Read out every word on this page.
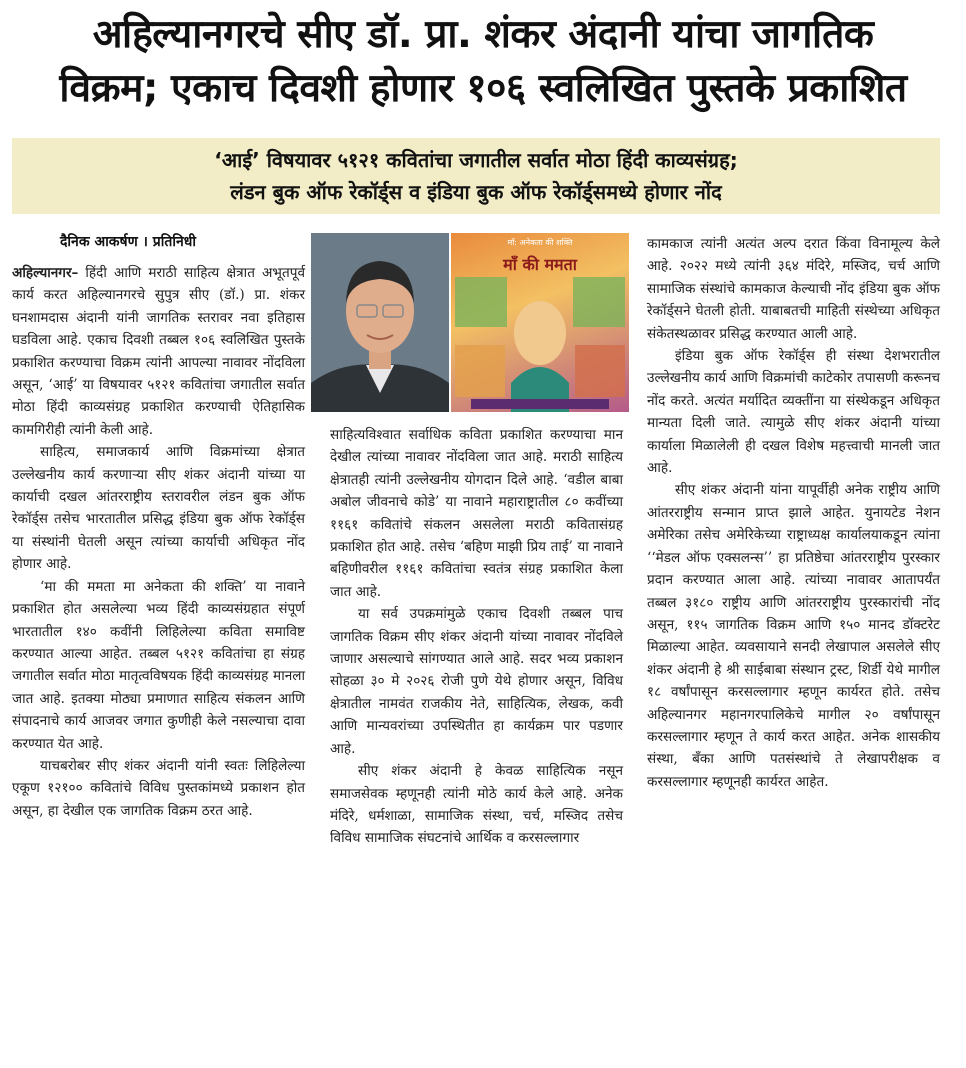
अहिल्यानगरचे सीए डॉ. प्रा. शंकर अंदानी यांचा जागतिक
विक्रम; एकाच दिवशी होणार १०६ स्वलिखित पुस्तके प्रकाशित
‘आई’ विषयावर ५१२१ कवितांचा जगातील सर्वात मोठा हिंदी काव्यसंग्रह;
लंडन बुक ऑफ रेकॉर्ड्स व इंडिया बुक ऑफ रेकॉर्ड्समध्ये होणार नोंद
दैनिक आकर्षण । प्रतिनिधी

अहिल्यानगर– हिंदी आणि मराठी साहित्य क्षेत्रात अभूतपूर्व कार्य करत अहिल्यानगरचे सुपुत्र सीए (डॉ.) प्रा. शंकर घनशामदास अंदानी यांनी जागतिक स्तरावर नवा इतिहास घडविला आहे. एकाच दिवशी तब्बल १०६ स्वलिखित पुस्तके प्रकाशित करण्याचा विक्रम त्यांनी आपल्या नावावर नोंदविला असून, ‘आई’ या विषयावर ५१२१ कवितांचा जगातील सर्वात मोठा हिंदी काव्यसंग्रह प्रकाशित करण्याची ऐतिहासिक कामगिरीही त्यांनी केली आहे.

साहित्य, समाजकार्य आणि विक्रमांच्या क्षेत्रात उल्लेखनीय कार्य करणाऱ्या सीए शंकर अंदानी यांच्या या कार्याची दखल आंतरराष्ट्रीय स्तरावरील लंडन बुक ऑफ रेकॉर्ड्स तसेच भारतातील प्रसिद्ध इंडिया बुक ऑफ रेकॉर्ड्स या संस्थांनी घेतली असून त्यांच्या कार्याची अधिकृत नोंद होणार आहे.

‘मा की ममता मा अनेकता की शक्ति’ या नावाने प्रकाशित होत असलेल्या भव्य हिंदी काव्यसंग्रहात संपूर्ण भारतातील १४० कवींनी लिहिलेल्या कविता समाविष्ट करण्यात आल्या आहेत. तब्बल ५१२१ कवितांचा हा संग्रह जगातील सर्वात मोठा मातृत्वविषयक हिंदी काव्यसंग्रह मानला जात आहे. इतक्या मोठ्या प्रमाणात साहित्य संकलन आणि संपादनाचे कार्य आजवर जगात कुणीही केले नसल्याचा दावा करण्यात येत आहे.

याचबरोबर सीए शंकर अंदानी यांनी स्वतः लिहिलेल्या एकूण १२१०० कवितांचे विविध पुस्तकांमध्ये प्रकाशन होत असून, हा देखील एक जागतिक विक्रम ठरत आहे.

माँ: अनेकता की शक्ति
माँ की ममता

साहित्यविश्वात सर्वाधिक कविता प्रकाशित करण्याचा मान देखील त्यांच्या नावावर नोंदविला जात आहे. मराठी साहित्य क्षेत्रातही त्यांनी उल्लेखनीय योगदान दिले आहे. ‘वडील बाबा अबोल जीवनाचे कोडे’ या नावाने महाराष्ट्रातील ८० कवींच्या ११६१ कवितांचे संकलन असलेला मराठी कवितासंग्रह प्रकाशित होत आहे. तसेच ‘बहिण माझी प्रिय ताई’ या नावाने बहिणीवरील ११६१ कवितांचा स्वतंत्र संग्रह प्रकाशित केला जात आहे.

या सर्व उपक्रमांमुळे एकाच दिवशी तब्बल पाच जागतिक विक्रम सीए शंकर अंदानी यांच्या नावावर नोंदविले जाणार असल्याचे सांगण्यात आले आहे. सदर भव्य प्रकाशन सोहळा ३० मे २०२६ रोजी पुणे येथे होणार असून, विविध क्षेत्रातील नामवंत राजकीय नेते, साहित्यिक, लेखक, कवी आणि मान्यवरांच्या उपस्थितीत हा कार्यक्रम पार पडणार आहे.

सीए शंकर अंदानी हे केवळ साहित्यिक नसून समाजसेवक म्हणूनही त्यांनी मोठे कार्य केले आहे. अनेक मंदिरे, धर्मशाळा, सामाजिक संस्था, चर्च, मस्जिद तसेच विविध सामाजिक संघटनांचे आर्थिक व करसल्लागार

कामकाज त्यांनी अत्यंत अल्प दरात किंवा विनामूल्य केले आहे. २०२२ मध्ये त्यांनी ३६४ मंदिरे, मस्जिद, चर्च आणि सामाजिक संस्थांचे कामकाज केल्याची नोंद इंडिया बुक ऑफ रेकॉर्ड्सने घेतली होती. याबाबतची माहिती संस्थेच्या अधिकृत संकेतस्थळावर प्रसिद्ध करण्यात आली आहे.

इंडिया बुक ऑफ रेकॉर्ड्स ही संस्था देशभरातील उल्लेखनीय कार्य आणि विक्रमांची काटेकोर तपासणी करूनच नोंद करते. अत्यंत मर्यादित व्यक्तींना या संस्थेकडून अधिकृत मान्यता दिली जाते. त्यामुळे सीए शंकर अंदानी यांच्या कार्याला मिळालेली ही दखल विशेष महत्त्वाची मानली जात आहे.

सीए शंकर अंदानी यांना यापूर्वीही अनेक राष्ट्रीय आणि आंतरराष्ट्रीय सन्मान प्राप्त झाले आहेत. युनायटेड नेशन अमेरिका तसेच अमेरिकेच्या राष्ट्राध्यक्ष कार्यालयाकडून त्यांना ‘‘मेडल ऑफ एक्सलन्स’’ हा प्रतिष्ठेचा आंतरराष्ट्रीय पुरस्कार प्रदान करण्यात आला आहे. त्यांच्या नावावर आतापर्यंत तब्बल ३१८० राष्ट्रीय आणि आंतरराष्ट्रीय पुरस्कारांची नोंद असून, ११५ जागतिक विक्रम आणि १५० मानद डॉक्टरेट मिळाल्या आहेत. व्यवसायाने सनदी लेखापाल असलेले सीए शंकर अंदानी हे श्री साईबाबा संस्थान ट्रस्ट, शिर्डी येथे मागील १८ वर्षांपासून करसल्लागार म्हणून कार्यरत होते. तसेच अहिल्यानगर महानगरपालिकेचे मागील २० वर्षांपासून करसल्लागार म्हणून ते कार्य करत आहेत. अनेक शासकीय संस्था, बँका आणि पतसंस्थांचे ते लेखापरीक्षक व करसल्लागार म्हणूनही कार्यरत आहेत.
